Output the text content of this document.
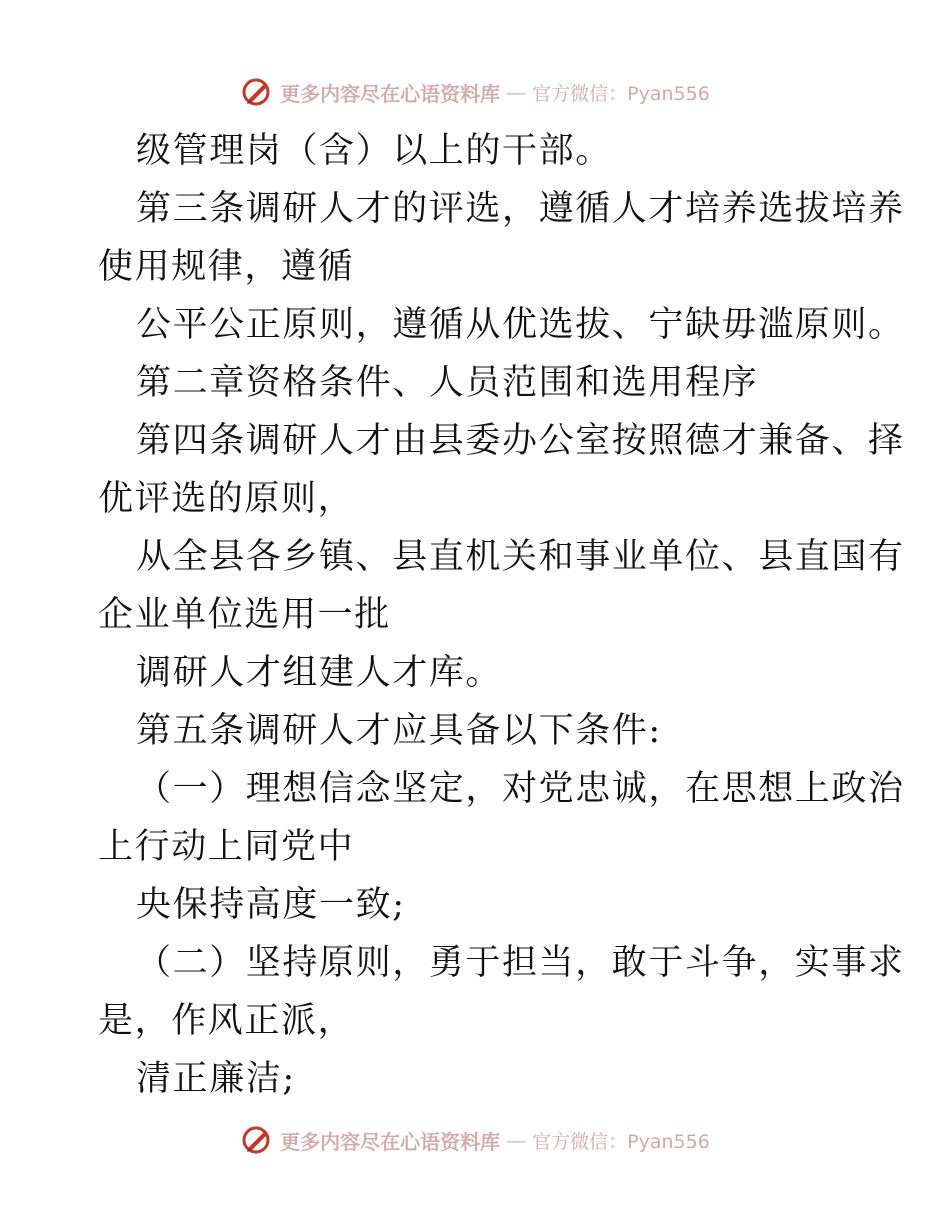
更多内容尽在心语资料库 — 官方微信：Pyan556
级管理岗（含）以上的干部。
第三条调研人才的评选，遵循人才培养选拔培养
使用规律，遵循
公平公正原则，遵循从优选拔、宁缺毋滥原则。
第二章资格条件、人员范围和选用程序
第四条调研人才由县委办公室按照德才兼备、择
优评选的原则，
从全县各乡镇、县直机关和事业单位、县直国有
企业单位选用一批
调研人才组建人才库。
第五条调研人才应具备以下条件:
（一）理想信念坚定，对党忠诚，在思想上政治
上行动上同党中
央保持高度一致;
（二）坚持原则，勇于担当，敢于斗争，实事求
是，作风正派，
清正廉洁;
更多内容尽在心语资料库 — 官方微信：Pyan556
